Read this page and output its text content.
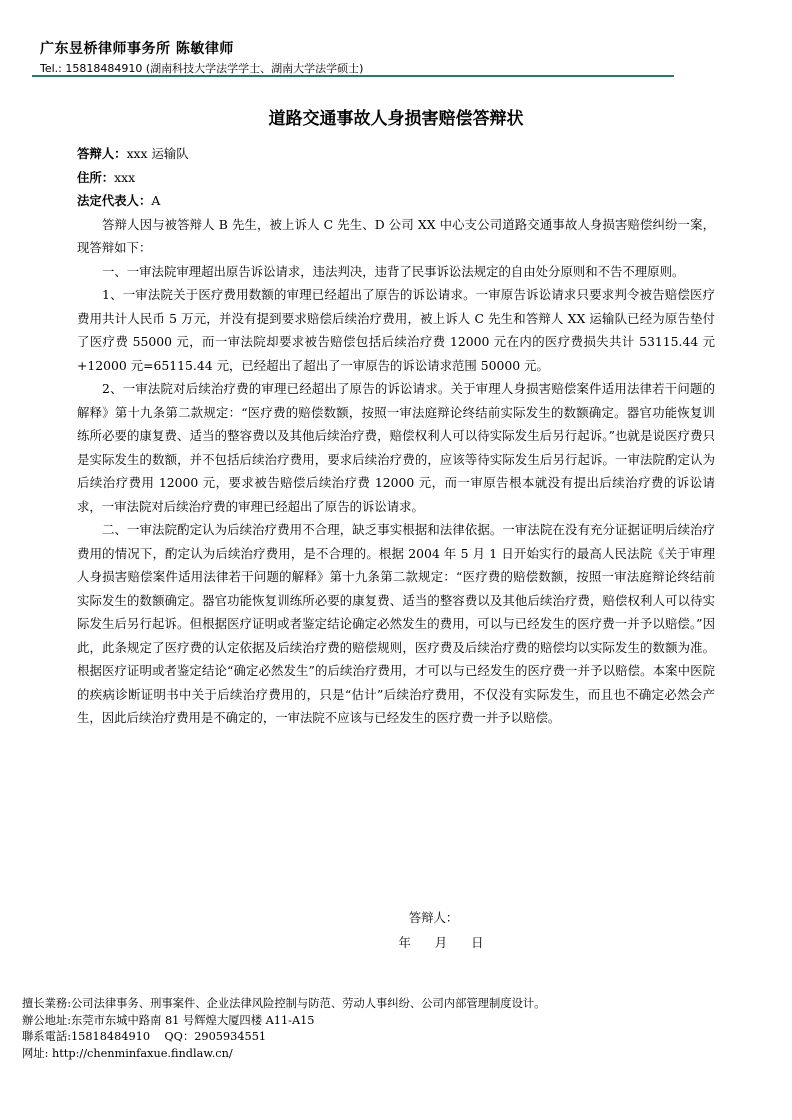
广东昱桥律师事务所 陈敏律师
Tel.: 15818484910 (湖南科技大学法学学士、湖南大学法学硕士)
道路交通事故人身损害赔偿答辩状

答辩人：xxx 运输队

住所：xxx

法定代表人：A

答辩人因与被答辩人 B 先生，被上诉人 C 先生、D 公司 XX 中心支公司道路交通事故人身损害赔偿纠纷一案，现答辩如下：

一、一审法院审理超出原告诉讼请求，违法判决，违背了民事诉讼法规定的自由处分原则和不告不理原则。

1、一审法院关于医疗费用数额的审理已经超出了原告的诉讼请求。一审原告诉讼请求只要求判令被告赔偿医疗费用共计人民币 5 万元，并没有提到要求赔偿后续治疗费用，被上诉人 C 先生和答辩人 XX 运输队已经为原告垫付了医疗费 55000 元，而一审法院却要求被告赔偿包括后续治疗费 12000 元在内的医疗费损失共计 53115.44 元+12000 元=65115.44 元，已经超出了超出了一审原告的诉讼请求范围 50000 元。

2、一审法院对后续治疗费的审理已经超出了原告的诉讼请求。关于审理人身损害赔偿案件适用法律若干问题的解释》第十九条第二款规定：“医疗费的赔偿数额，按照一审法庭辩论终结前实际发生的数额确定。器官功能恢复训练所必要的康复费、适当的整容费以及其他后续治疗费，赔偿权利人可以待实际发生后另行起诉。”也就是说医疗费只是实际发生的数额，并不包括后续治疗费用，要求后续治疗费的，应该等待实际发生后另行起诉。一审法院酌定认为后续治疗费用 12000 元，要求被告赔偿后续治疗费 12000 元，而一审原告根本就没有提出后续治疗费的诉讼请求，一审法院对后续治疗费的审理已经超出了原告的诉讼请求。

二、一审法院酌定认为后续治疗费用不合理，缺乏事实根据和法律依据。一审法院在没有充分证据证明后续治疗费用的情况下，酌定认为后续治疗费用，是不合理的。根据 2004 年 5 月 1 日开始实行的最高人民法院《关于审理人身损害赔偿案件适用法律若干问题的解释》第十九条第二款规定：“医疗费的赔偿数额，按照一审法庭辩论终结前实际发生的数额确定。器官功能恢复训练所必要的康复费、适当的整容费以及其他后续治疗费，赔偿权利人可以待实际发生后另行起诉。但根据医疗证明或者鉴定结论确定必然发生的费用，可以与已经发生的医疗费一并予以赔偿。”因此，此条规定了医疗费的认定依据及后续治疗费的赔偿规则，医疗费及后续治疗费的赔偿均以实际发生的数额为准。根据医疗证明或者鉴定结论“确定必然发生”的后续治疗费用，才可以与已经发生的医疗费一并予以赔偿。本案中医院的疾病诊断证明书中关于后续治疗费用的，只是“估计”后续治疗费用，不仅没有实际发生，而且也不确定必然会产生，因此后续治疗费用是不确定的，一审法院不应该与已经发生的医疗费一并予以赔偿。

答辩人：
年 月 日
擅长業務:公司法律事务、刑事案件、企业法律风险控制与防范、劳动人事纠纷、公司内部管理制度设计。
辦公地址:东莞市东城中路南 81 号辉煌大厦四楼 A11-A15
聯系電話:15818484910    QQ：2905934551
网址: http://chenminfaxue.findlaw.cn/
